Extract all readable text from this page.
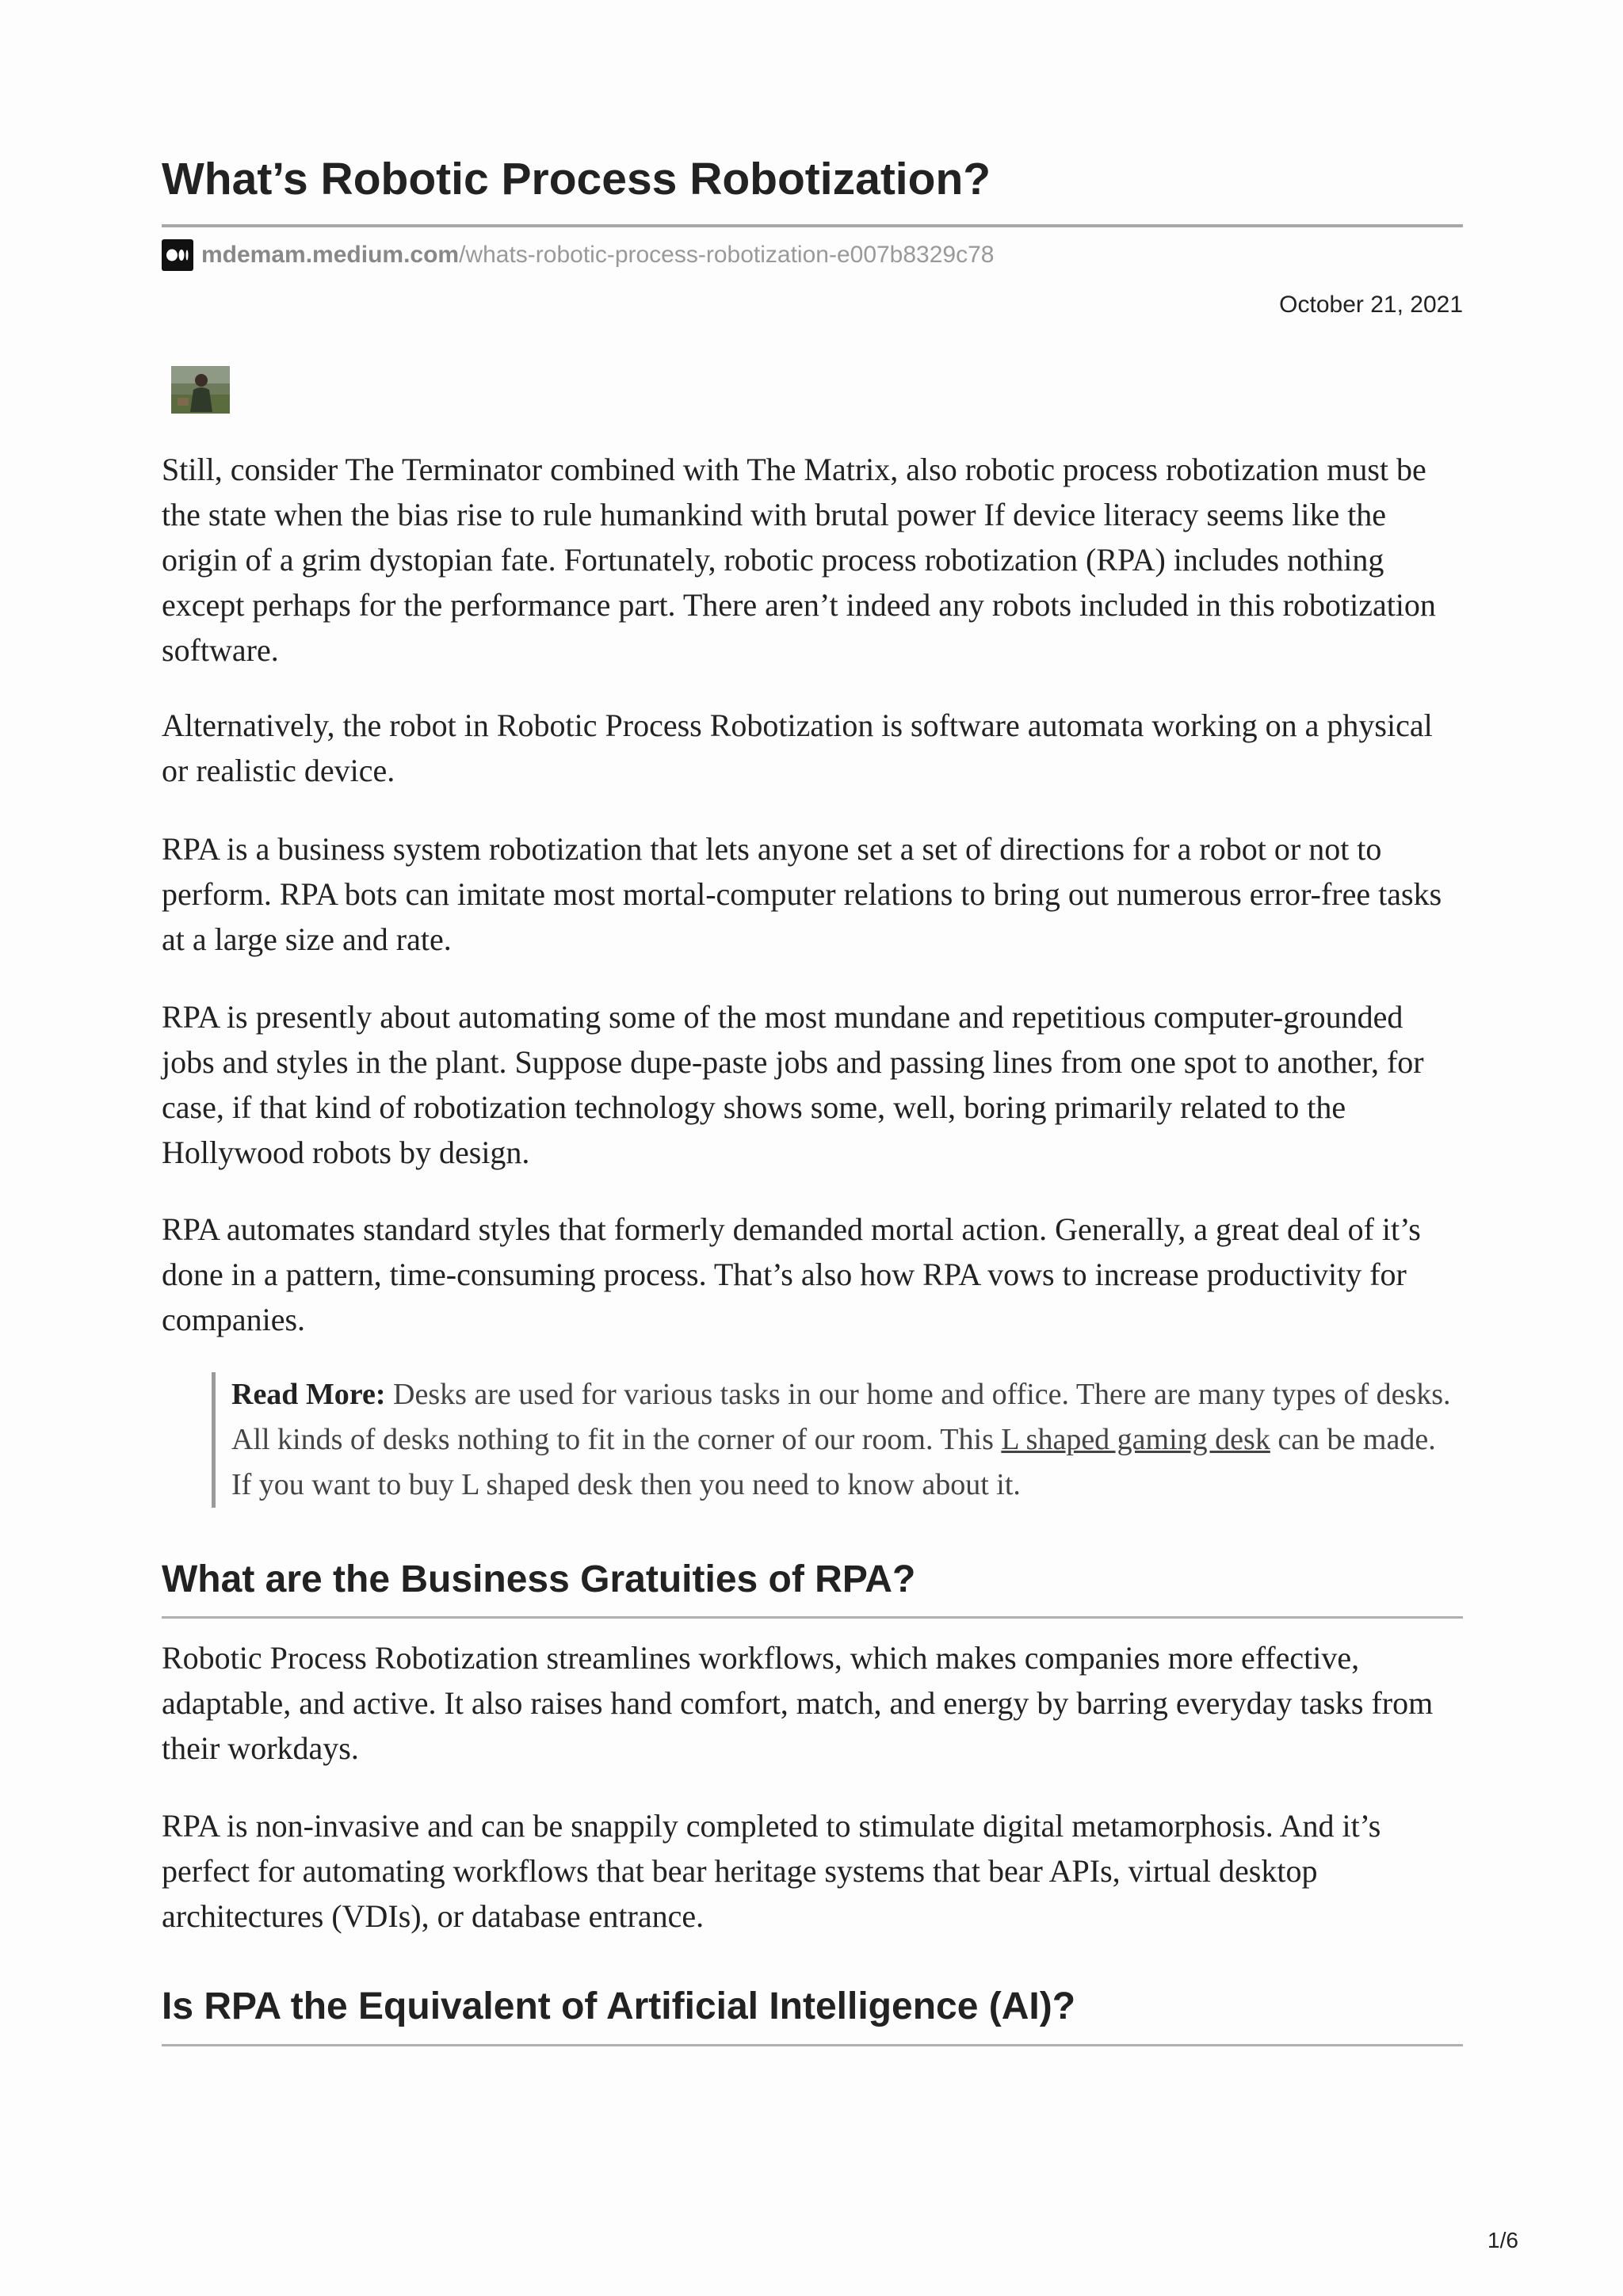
What’s Robotic Process Robotization?
mdemam.medium.com /whats-robotic-process-robotization-e007b8329c78
October 21, 2021

Still, consider The Terminator combined with The Matrix, also robotic process robotization must be the state when the bias rise to rule humankind with brutal power If device literacy seems like the origin of a grim dystopian fate. Fortunately, robotic process robotization (RPA) includes nothing except perhaps for the performance part. There aren’t indeed any robots included in this robotization software.

Alternatively, the robot in Robotic Process Robotization is software automata working on a physical or realistic device.

RPA is a business system robotization that lets anyone set a set of directions for a robot or not to perform. RPA bots can imitate most mortal-computer relations to bring out numerous error-free tasks at a large size and rate.

RPA is presently about automating some of the most mundane and repetitious computer-grounded jobs and styles in the plant. Suppose dupe-paste jobs and passing lines from one spot to another, for case, if that kind of robotization technology shows some, well, boring primarily related to the Hollywood robots by design.

RPA automates standard styles that formerly demanded mortal action. Generally, a great deal of it’s done in a pattern, time-consuming process. That’s also how RPA vows to increase productivity for companies.

Read More: Desks are used for various tasks in our home and office. There are many types of desks. All kinds of desks nothing to fit in the corner of our room. This L shaped gaming desk can be made. If you want to buy L shaped desk then you need to know about it.
What are the Business Gratuities of RPA?

Robotic Process Robotization streamlines workflows, which makes companies more effective, adaptable, and active. It also raises hand comfort, match, and energy by barring everyday tasks from their workdays.

RPA is non-invasive and can be snappily completed to stimulate digital metamorphosis. And it’s perfect for automating workflows that bear heritage systems that bear APIs, virtual desktop architectures (VDIs), or database entrance.

Is RPA the Equivalent of Artificial Intelligence (AI)?
1/6
